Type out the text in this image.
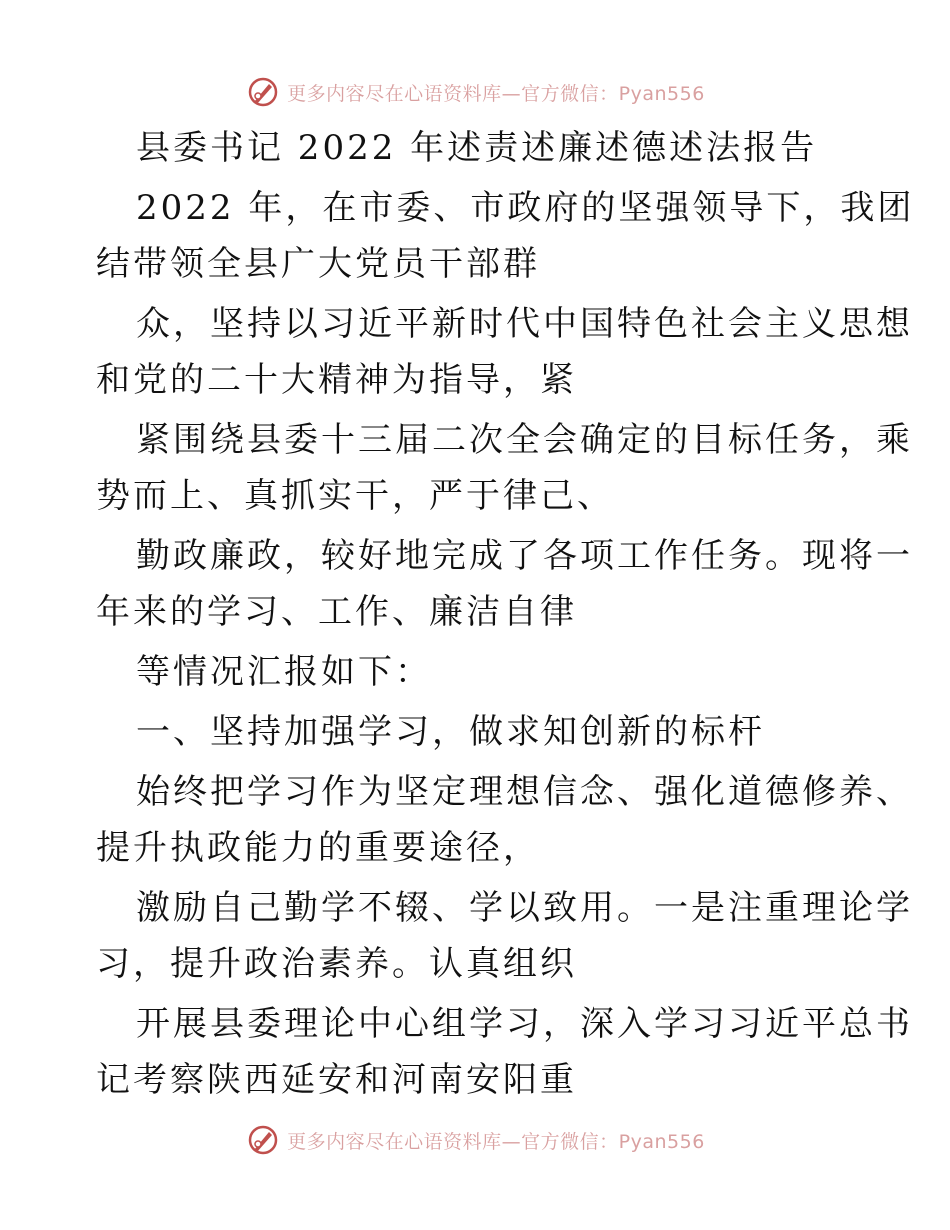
更多内容尽在心语资料库—官方微信：Pyan556
县委书记 2022 年述责述廉述德述法报告
2022 年，在市委、市政府的坚强领导下，我团
结带领全县广大党员干部群
众，坚持以习近平新时代中国特色社会主义思想
和党的二十大精神为指导，紧
紧围绕县委十三届二次全会确定的目标任务，乘
势而上、真抓实干，严于律己、
勤政廉政，较好地完成了各项工作任务。现将一
年来的学习、工作、廉洁自律
等情况汇报如下：
一、坚持加强学习，做求知创新的标杆
始终把学习作为坚定理想信念、强化道德修养、
提升执政能力的重要途径，
激励自己勤学不辍、学以致用。一是注重理论学
习，提升政治素养。认真组织
开展县委理论中心组学习，深入学习习近平总书
记考察陕西延安和河南安阳重
更多内容尽在心语资料库—官方微信：Pyan556
